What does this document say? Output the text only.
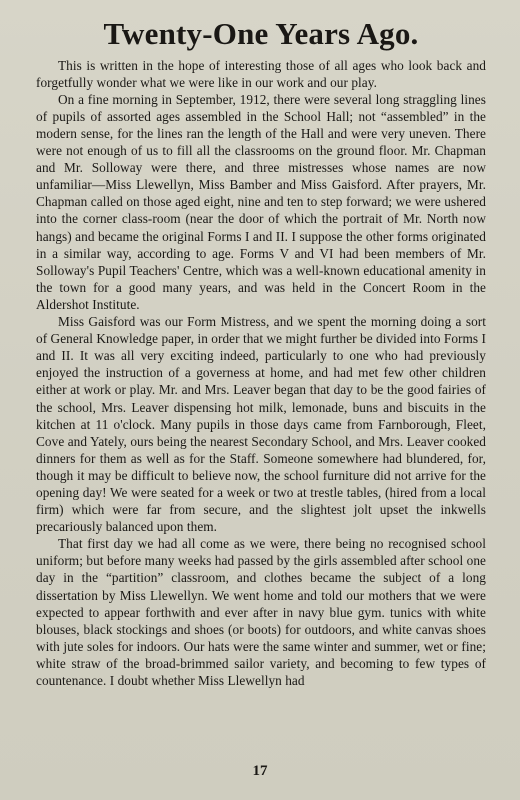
Twenty-One Years Ago.

This is written in the hope of interesting those of all ages who look back and forgetfully wonder what we were like in our work and our play.

On a fine morning in September, 1912, there were several long straggling lines of pupils of assorted ages assembled in the School Hall; not “assembled” in the modern sense, for the lines ran the length of the Hall and were very uneven. There were not enough of us to fill all the classrooms on the ground floor. Mr. Chapman and Mr. Solloway were there, and three mistresses whose names are now unfamiliar—Miss Llewellyn, Miss Bamber and Miss Gaisford. After prayers, Mr. Chapman called on those aged eight, nine and ten to step forward; we were ushered into the corner class-room (near the door of which the portrait of Mr. North now hangs) and became the original Forms I and II. I suppose the other forms originated in a similar way, according to age. Forms V and VI had been members of Mr. Solloway's Pupil Teachers' Centre, which was a well-known educational amenity in the town for a good many years, and was held in the Concert Room in the Aldershot Institute.

Miss Gaisford was our Form Mistress, and we spent the morning doing a sort of General Knowledge paper, in order that we might further be divided into Forms I and II. It was all very exciting indeed, particularly to one who had previously enjoyed the instruction of a governess at home, and had met few other children either at work or play. Mr. and Mrs. Leaver began that day to be the good fairies of the school, Mrs. Leaver dispensing hot milk, lemonade, buns and biscuits in the kitchen at 11 o'clock. Many pupils in those days came from Farnborough, Fleet, Cove and Yately, ours being the nearest Secondary School, and Mrs. Leaver cooked dinners for them as well as for the Staff. Someone somewhere had blundered, for, though it may be difficult to believe now, the school furniture did not arrive for the opening day! We were seated for a week or two at trestle tables, (hired from a local firm) which were far from secure, and the slightest jolt upset the inkwells precariously balanced upon them.

That first day we had all come as we were, there being no recognised school uniform; but before many weeks had passed by the girls assembled after school one day in the “partition” classroom, and clothes became the subject of a long dissertation by Miss Llewellyn. We went home and told our mothers that we were expected to appear forthwith and ever after in navy blue gym. tunics with white blouses, black stockings and shoes (or boots) for outdoors, and white canvas shoes with jute soles for indoors. Our hats were the same winter and summer, wet or fine; white straw of the broad-brimmed sailor variety, and becoming to few types of countenance. I doubt whether Miss Llewellyn had

17
